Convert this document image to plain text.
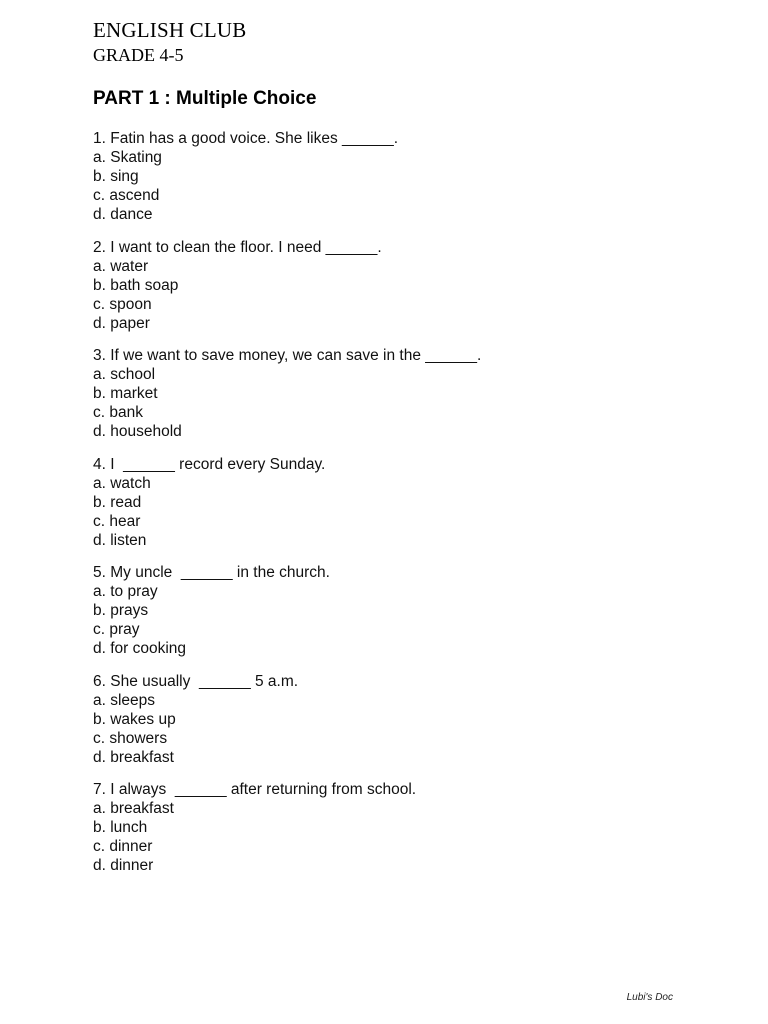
ENGLISH CLUB
GRADE 4-5
PART 1 : Multiple Choice
1. Fatin has a good voice. She likes ______.
a. Skating
b. sing
c. ascend
d. dance
2. I want to clean the floor. I need ______.
a. water
b. bath soap
c. spoon
d. paper
3. If we want to save money, we can save in the ______.
a. school
b. market
c. bank
d. household
4. I  ______ record every Sunday.
a. watch
b. read
c. hear
d. listen
5. My uncle  ______ in the church.
a. to pray
b. prays
c. pray
d. for cooking
6. She usually  ______ 5 a.m.
a. sleeps
b. wakes up
c. showers
d. breakfast
7. I always  ______ after returning from school.
a. breakfast
b. lunch
c. dinner
d. dinner
Lubi's Doc
